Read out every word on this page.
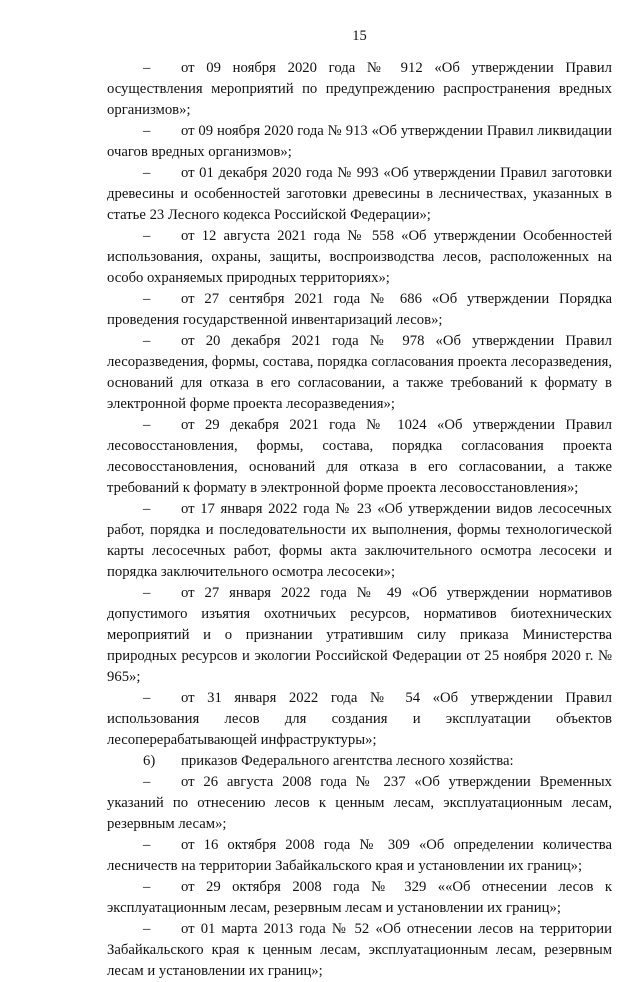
15

– от 09 ноября 2020 года № 912 «Об утверждении Правил осуществления мероприятий по предупреждению распространения вредных организмов»;

– от 09 ноября 2020 года № 913 «Об утверждении Правил ликвидации очагов вредных организмов»;

– от 01 декабря 2020 года № 993 «Об утверждении Правил заготовки древесины и особенностей заготовки древесины в лесничествах, указанных в статье 23 Лесного кодекса Российской Федерации»;

– от 12 августа 2021 года № 558 «Об утверждении Особенностей использования, охраны, защиты, воспроизводства лесов, расположенных на особо охраняемых природных территориях»;

– от 27 сентября 2021 года № 686 «Об утверждении Порядка проведения государственной инвентаризаций лесов»;

– от 20 декабря 2021 года № 978 «Об утверждении Правил лесоразведения, формы, состава, порядка согласования проекта лесоразведения, оснований для отказа в его согласовании, а также требований к формату в электронной форме проекта лесоразведения»;

– от 29 декабря 2021 года № 1024 «Об утверждении Правил лесовосстановления, формы, состава, порядка согласования проекта лесовосстановления, оснований для отказа в его согласовании, а также требований к формату в электронной форме проекта лесовосстановления»;

– от 17 января 2022 года № 23 «Об утверждении видов лесосечных работ, порядка и последовательности их выполнения, формы технологической карты лесосечных работ, формы акта заключительного осмотра лесосеки и порядка заключительного осмотра лесосеки»;

– от 27 января 2022 года № 49 «Об утверждении нормативов допустимого изъятия охотничьих ресурсов, нормативов биотехнических мероприятий и о признании утратившим силу приказа Министерства природных ресурсов и экологии Российской Федерации от 25 ноября 2020 г. № 965»;

– от 31 января 2022 года № 54 «Об утверждении Правил использования лесов для создания и эксплуатации объектов лесоперерабатывающей инфраструктуры»;

6) приказов Федерального агентства лесного хозяйства:

– от 26 августа 2008 года № 237 «Об утверждении Временных указаний по отнесению лесов к ценным лесам, эксплуатационным лесам, резервным лесам»;

– от 16 октября 2008 года № 309 «Об определении количества лесничеств на территории Забайкальского края и установлении их границ»;

– от 29 октября 2008 года № 329 ««Об отнесении лесов к эксплуатационным лесам, резервным лесам и установлении их границ»;

– от 01 марта 2013 года № 52 «Об отнесении лесов на территории Забайкальского края к ценным лесам, эксплуатационным лесам, резервным лесам и установлении их границ»;
